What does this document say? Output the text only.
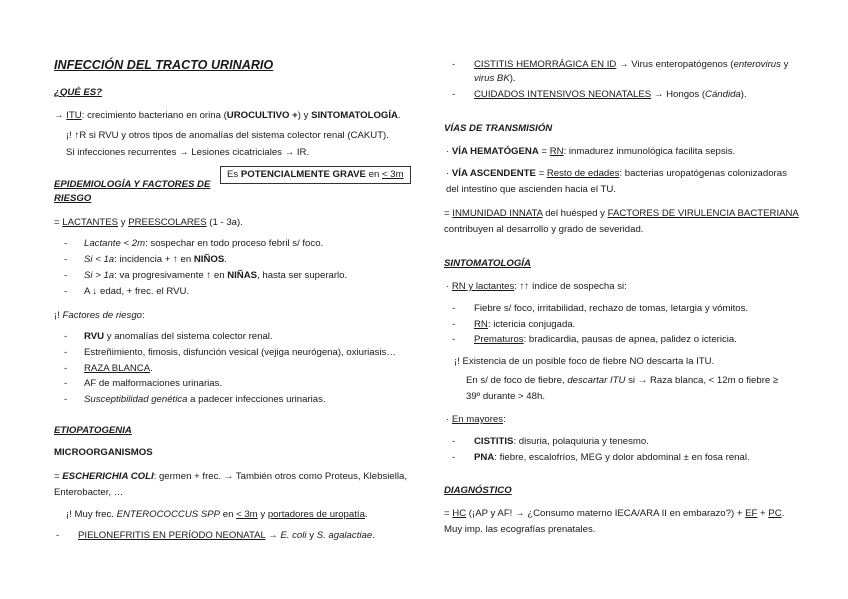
INFECCIÓN DEL TRACTO URINARIO
¿QUÉ ES?
→ ITU: crecimiento bacteriano en orina (UROCULTIVO +) y SINTOMATOLOGÍA.
¡! ↑R si RVU y otros tipos de anomalías del sistema colector renal (CAKUT).
Si infecciones recurrentes → Lesiones cicatriciales → IR.
Es POTENCIALMENTE GRAVE en < 3m
EPIDEMIOLOGÍA Y FACTORES DE
RIESGO
= LACTANTES y PREESCOLARES (1 - 3a).
- Lactante < 2m: sospechar en todo proceso febril s/ foco.
- Si < 1a: incidencia + ↑ en NIÑOS.
- Si > 1a: va progresivamente ↑ en NIÑAS, hasta ser superarlo.
- A ↓ edad, + frec. el RVU.
¡! Factores de riesgo:
- RVU y anomalías del sistema colector renal.
- Estreñimiento, fimosis, disfunción vesical (vejiga neurógena), oxiuriasis…
- RAZA BLANCA.
- AF de malformaciones urinarias.
- Susceptibilidad genética a padecer infecciones urinarias.
ETIOPATOGENIA
MICROORGANISMOS
= ESCHERICHIA COLI: germen + frec. → También otros como Proteus, Klebsiella,
Enterobacter, …
¡! Muy frec. ENTEROCOCCUS SPP en < 3m y portadores de uropatía.
- PIELONEFRITIS EN PERÍODO NEONATAL → E. coli y S. agalactiae.
- CISTITIS HEMORRÁGICA EN ID → Virus enteropatógenos (enterovirus y
virus BK).
- CUIDADOS INTENSIVOS NEONATALES → Hongos (Cándida).
VÍAS DE TRANSMISIÓN
· VÍA HEMATÓGENA = RN: inmadurez inmunológica facilita sepsis.
· VÍA ASCENDENTE = Resto de edades: bacterias uropatógenas colonizadoras
del intestino que ascienden hacia el TU.
= INMUNIDAD INNATA del huésped y FACTORES DE VIRULENCIA BACTERIANA
contribuyen al desarrollo y grado de severidad.
SINTOMATOLOGÍA
· RN y lactantes: ↑↑ índice de sospecha si:
- Fiebre s/ foco, irritabilidad, rechazo de tomas, letargia y vómitos.
- RN: ictericia conjugada.
- Prematuros: bradicardia, pausas de apnea, palidez o ictericia.
¡! Existencia de un posible foco de fiebre NO descarta la ITU.
En s/ de foco de fiebre, descartar ITU si → Raza blanca, < 12m o fiebre ≥
39º durante > 48h.
· En mayores:
- CISTITIS: disuria, polaquiuria y tenesmo.
- PNA: fiebre, escalofríos, MEG y dolor abdominal ± en fosa renal.
DIAGNÓSTICO
= HC (¡AP y AF! → ¿Consumo materno IECA/ARA II en embarazo?) + EF + PC.
Muy imp. las ecografías prenatales.
